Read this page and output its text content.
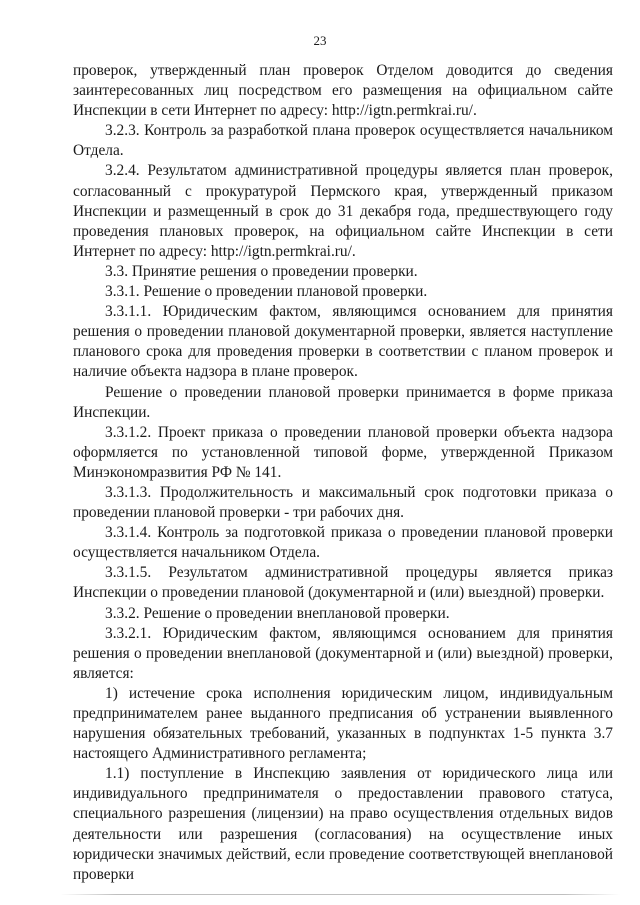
23

проверок, утвержденный план проверок Отделом доводится до сведения заинтересованных лиц посредством его размещения на официальном сайте Инспекции в сети Интернет по адресу: http://igtn.permkrai.ru/.

3.2.3. Контроль за разработкой плана проверок осуществляется начальником Отдела.

3.2.4. Результатом административной процедуры является план проверок, согласованный с прокуратурой Пермского края, утвержденный приказом Инспекции и размещенный в срок до 31 декабря года, предшествующего году проведения плановых проверок, на официальном сайте Инспекции в сети Интернет по адресу: http://igtn.permkrai.ru/.

3.3. Принятие решения о проведении проверки.

3.3.1. Решение о проведении плановой проверки.

3.3.1.1. Юридическим фактом, являющимся основанием для принятия решения о проведении плановой документарной проверки, является наступление планового срока для проведения проверки в соответствии с планом проверок и наличие объекта надзора в плане проверок.

Решение о проведении плановой проверки принимается в форме приказа Инспекции.

3.3.1.2. Проект приказа о проведении плановой проверки объекта надзора оформляется по установленной типовой форме, утвержденной Приказом Минэкономразвития РФ № 141.

3.3.1.3. Продолжительность и максимальный срок подготовки приказа о проведении плановой проверки - три рабочих дня.

3.3.1.4. Контроль за подготовкой приказа о проведении плановой проверки осуществляется начальником Отдела.

3.3.1.5. Результатом административной процедуры является приказ Инспекции о проведении плановой (документарной и (или) выездной) проверки.

3.3.2. Решение о проведении внеплановой проверки.

3.3.2.1. Юридическим фактом, являющимся основанием для принятия решения о проведении внеплановой (документарной и (или) выездной) проверки, является:

1) истечение срока исполнения юридическим лицом, индивидуальным предпринимателем ранее выданного предписания об устранении выявленного нарушения обязательных требований, указанных в подпунктах 1-5 пункта 3.7 настоящего Административного регламента;

1.1) поступление в Инспекцию заявления от юридического лица или индивидуального предпринимателя о предоставлении правового статуса, специального разрешения (лицензии) на право осуществления отдельных видов деятельности или разрешения (согласования) на осуществление иных юридически значимых действий, если проведение соответствующей внеплановой проверки
